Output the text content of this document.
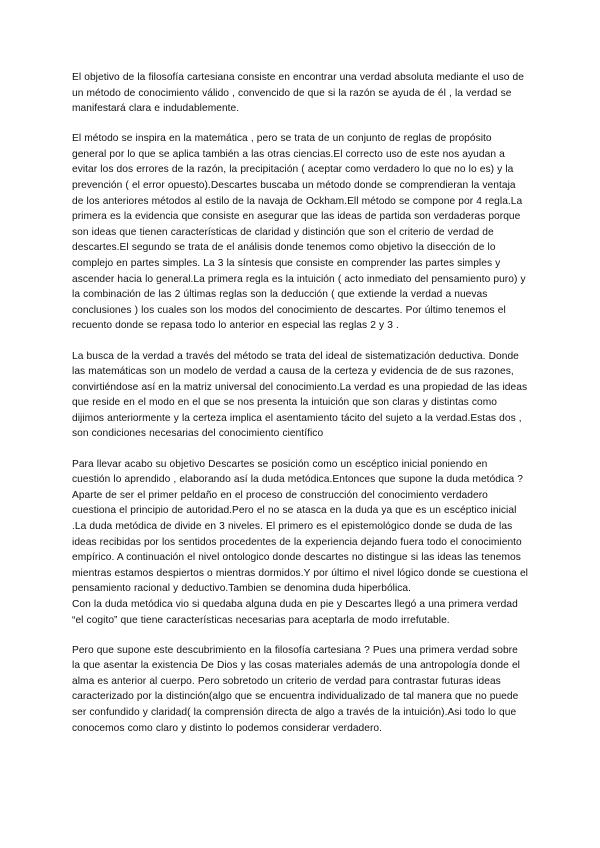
El objetivo de la filosofía cartesiana consiste en encontrar una verdad absoluta mediante el uso de un método de conocimiento válido , convencido de que si la razón se ayuda de él , la verdad se manifestará clara e indudablemente.

El método se inspira en la matemática , pero se trata de un conjunto de reglas de propósito general por lo que se aplica también a las otras ciencias.El correcto uso de este nos ayudan a evitar los dos errores de la razón, la precipitación ( aceptar como verdadero lo que no lo es) y la prevención ( el error opuesto).Descartes buscaba un método donde se comprendieran la ventaja de los anteriores métodos al estilo de la navaja de Ockham.Ell método se compone por 4 regla.La primera es la evidencia que consiste en asegurar que las ideas de partida son verdaderas porque son ideas que tienen características de claridad y distinción que son el criterio de verdad de descartes.El segundo se trata de el análisis donde tenemos como objetivo la disección de lo complejo en partes simples. La 3 la síntesis que consiste en comprender las partes simples y ascender hacia lo general.La primera regla es la intuición ( acto inmediato del pensamiento puro) y la combinación de las 2 últimas reglas son la deducción ( que extiende la verdad a nuevas conclusiones ) los cuales son los modos del conocimiento de descartes. Por último tenemos el recuento donde se repasa todo lo anterior en especial las reglas 2 y 3 .

La busca de la verdad a través del método se trata del ideal de sistematización deductiva. Donde las matemáticas son un modelo de verdad a causa de la certeza y evidencia de de sus razones, convirtiéndose así en la matriz universal del conocimiento.La verdad es una propiedad de las ideas que reside en el modo en el que se nos presenta la intuición que son claras y distintas como dijimos anteriormente y la certeza implica el asentamiento tácito del sujeto a la verdad.Estas dos , son condiciones necesarias del conocimiento científico

Para llevar acabo su objetivo Descartes se posición como un escéptico inicial poniendo en cuestión lo aprendido , elaborando así la duda metódica.Entonces que supone la duda metódica ? Aparte de ser el primer peldaño en el proceso de construcción del conocimiento verdadero cuestiona el principio de autoridad.Pero el no se atasca en la duda ya que es un escéptico inicial .La duda metódica de divide en 3 niveles. El primero es el epistemológico donde se duda de las ideas recibidas por los sentidos procedentes de la experiencia dejando fuera todo el conocimiento empírico. A continuación el nivel ontologico donde descartes no distingue si las ideas las tenemos mientras estamos despiertos o mientras dormidos.Y por último el nivel lógico donde se cuestiona el pensamiento racional y deductivo.Tambien se denomina duda hiperbólica.

Con la duda metódica vio si quedaba alguna duda en pie y Descartes llegó a una primera verdad “el cogito” que tiene características necesarias para aceptarla de modo irrefutable.

Pero que supone este descubrimiento en la filosofía cartesiana ? Pues una primera verdad sobre la que asentar la existencia De Dios y las cosas materiales además de una antropología donde el alma es anterior al cuerpo. Pero sobretodo un criterio de verdad para contrastar futuras ideas caracterizado por la distinción(algo que se encuentra individualizado de tal manera que no puede ser confundido y claridad( la comprensión directa de algo a través de la intuición).Asi todo lo que conocemos como claro y distinto lo podemos considerar verdadero.
